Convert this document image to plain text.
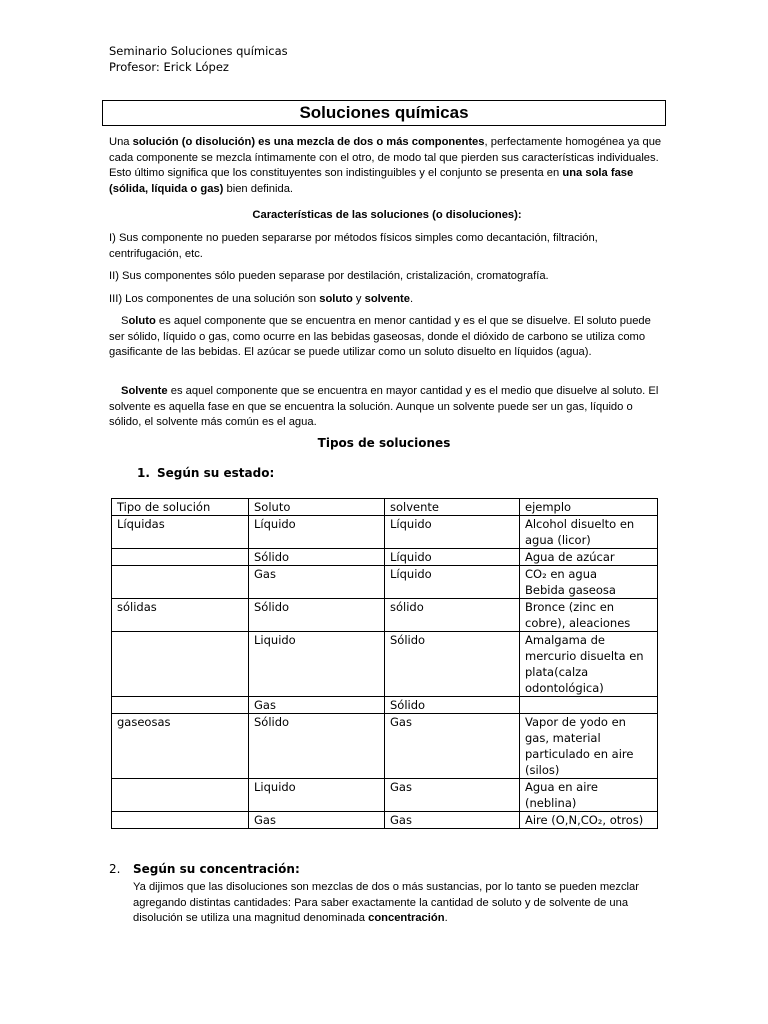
Seminario Soluciones químicas
Profesor: Erick López
Soluciones químicas
Una solución (o disolución) es una mezcla de dos o más componentes, perfectamente homogénea ya que cada componente se mezcla íntimamente con el otro, de modo tal que pierden sus características individuales. Esto último significa que los constituyentes son indistinguibles y el conjunto se presenta en una sola fase (sólida, líquida o gas) bien definida.
Características de las soluciones (o disoluciones):
I) Sus componente no pueden separarse por métodos físicos simples como decantación, filtración, centrifugación, etc.
II) Sus componentes sólo pueden separase por destilación, cristalización, cromatografía.
III) Los componentes de una solución son soluto y solvente.
Soluto es aquel componente que se encuentra en menor cantidad y es el que se disuelve. El soluto puede ser sólido, líquido o gas, como ocurre en las bebidas gaseosas, donde el dióxido de carbono se utiliza como gasificante de las bebidas. El azúcar se puede utilizar como un soluto disuelto en líquidos (agua).
Solvente es aquel componente que se encuentra en mayor cantidad y es el medio que disuelve al soluto. El solvente es aquella fase en que se encuentra la solución. Aunque un solvente puede ser un gas, líquido o sólido, el solvente más común es el agua.
Tipos de soluciones
1. Según su estado:
Tipo de solución	Soluto	solvente	ejemplo
Líquidas	Líquido	Líquido	Alcohol disuelto en agua (licor)
	Sólido	Líquido	Agua de azúcar
	Gas	Líquido	CO₂ en agua Bebida gaseosa
sólidas	Sólido	sólido	Bronce (zinc en cobre), aleaciones
	Liquido	Sólido	Amalgama de mercurio disuelta en plata(calza odontológica)
	Gas	Sólido	
gaseosas	Sólido	Gas	Vapor de yodo en gas, material particulado en aire (silos)
	Liquido	Gas	Agua en aire (neblina)
	Gas	Gas	Aire (O,N,CO₂, otros)
2. Según su concentración:
Ya dijimos que las disoluciones son mezclas de dos o más sustancias, por lo tanto se pueden mezclar agregando distintas cantidades: Para saber exactamente la cantidad de soluto y de solvente de una disolución se utiliza una magnitud denominada concentración.
